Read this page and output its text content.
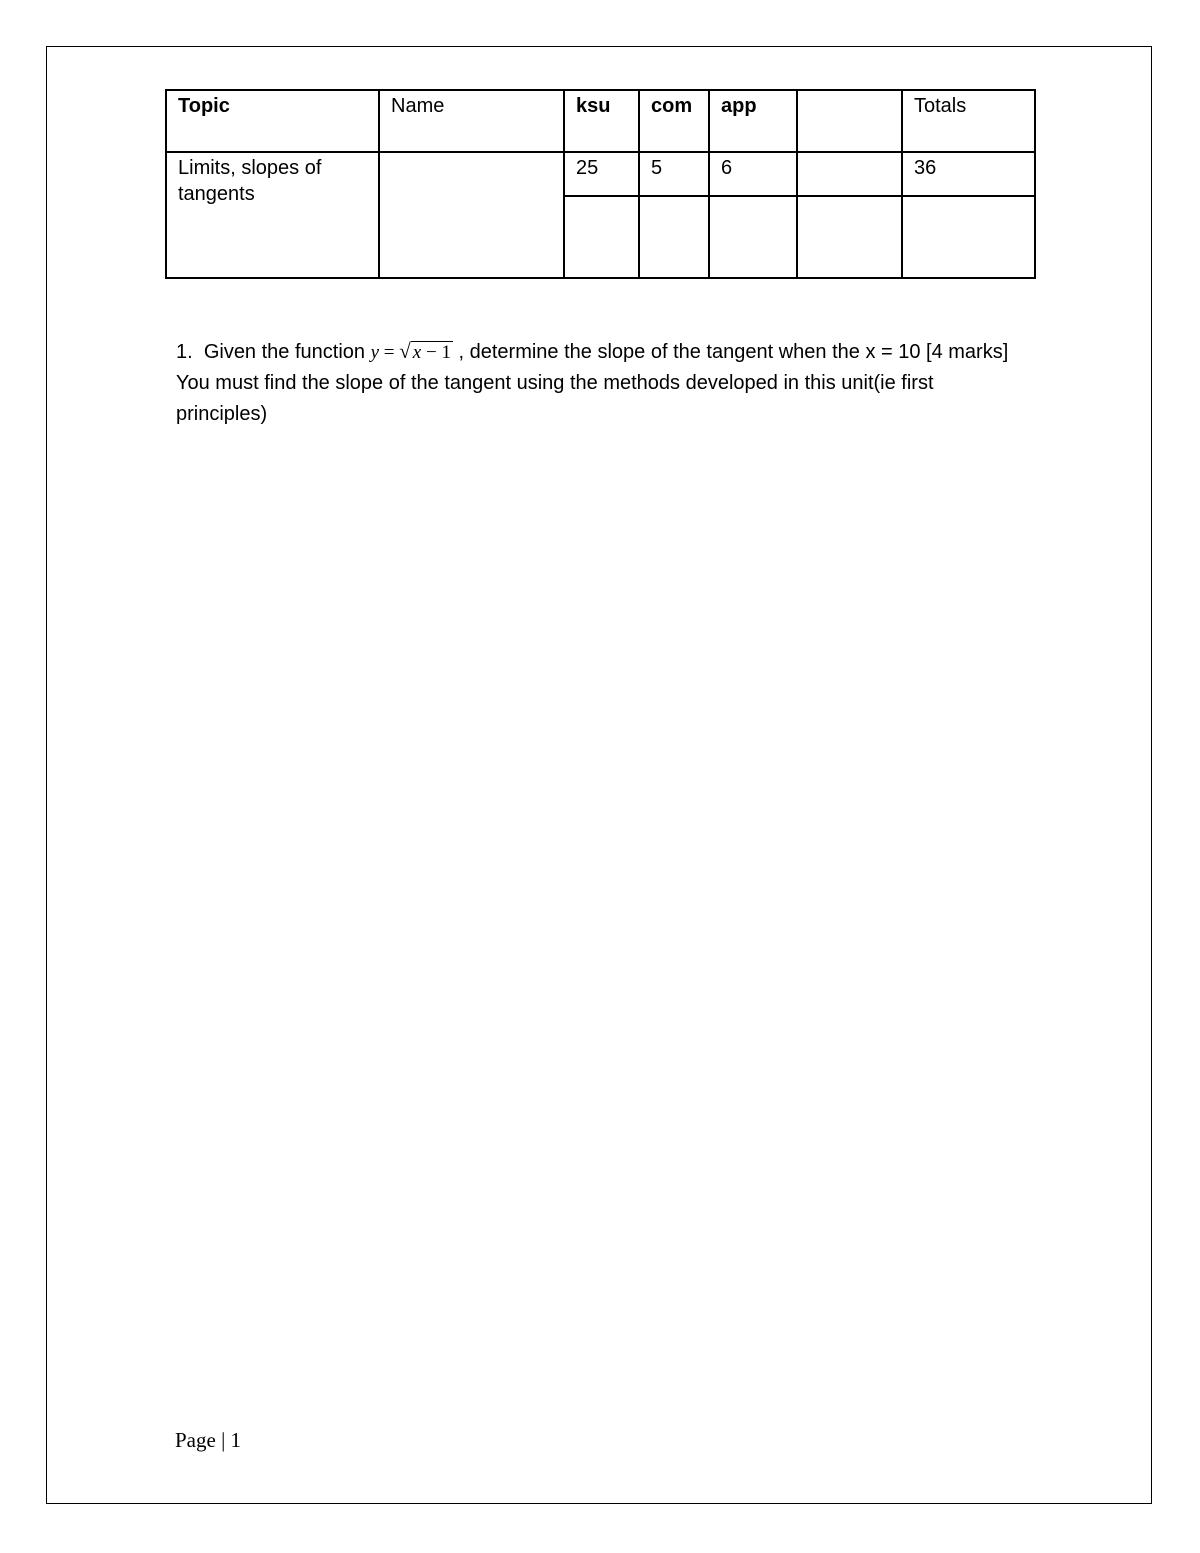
Topic	Name	ksu	com	app		Totals
Limits, slopes of tangents		25	5	6		36

1. Given the function y = √ x − 1 , determine the slope of the tangent when the x = 10 [4 marks] You must find the slope of the tangent using the methods developed in this unit(ie first principles)
Page | 1
